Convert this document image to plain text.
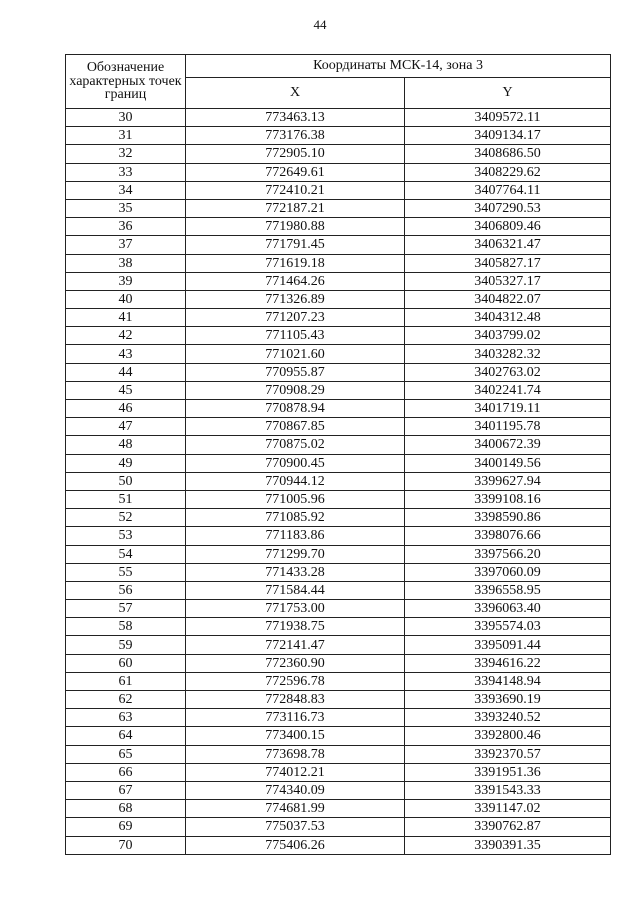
44
Обозначение характерных точек границ	Координаты МСК-14, зона 3	
	X	Y
30	773463.13	3409572.11
31	773176.38	3409134.17
32	772905.10	3408686.50
33	772649.61	3408229.62
34	772410.21	3407764.11
35	772187.21	3407290.53
36	771980.88	3406809.46
37	771791.45	3406321.47
38	771619.18	3405827.17
39	771464.26	3405327.17
40	771326.89	3404822.07
41	771207.23	3404312.48
42	771105.43	3403799.02
43	771021.60	3403282.32
44	770955.87	3402763.02
45	770908.29	3402241.74
46	770878.94	3401719.11
47	770867.85	3401195.78
48	770875.02	3400672.39
49	770900.45	3400149.56
50	770944.12	3399627.94
51	771005.96	3399108.16
52	771085.92	3398590.86
53	771183.86	3398076.66
54	771299.70	3397566.20
55	771433.28	3397060.09
56	771584.44	3396558.95
57	771753.00	3396063.40
58	771938.75	3395574.03
59	772141.47	3395091.44
60	772360.90	3394616.22
61	772596.78	3394148.94
62	772848.83	3393690.19
63	773116.73	3393240.52
64	773400.15	3392800.46
65	773698.78	3392370.57
66	774012.21	3391951.36
67	774340.09	3391543.33
68	774681.99	3391147.02
69	775037.53	3390762.87
70	775406.26	3390391.35
